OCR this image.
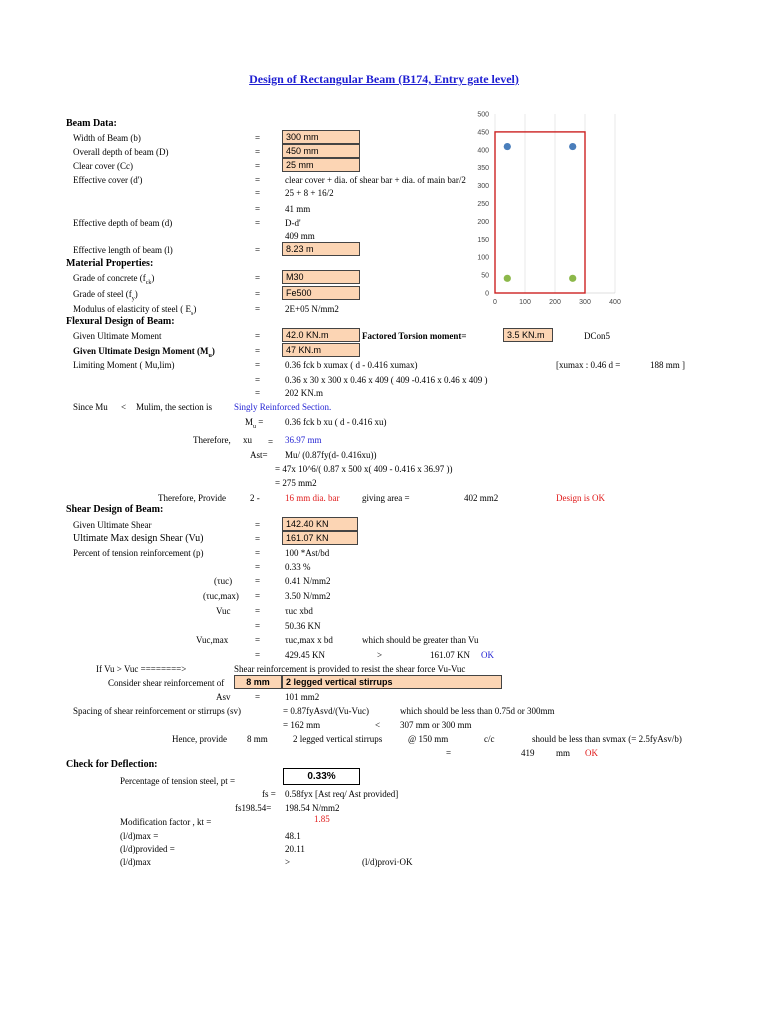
Design of Rectangular Beam (B174, Entry gate level)
Beam Data:
Width of Beam (b)	=	300 mm
Overall depth of beam (D)	=	450 mm
Clear cover (Cc)	=	25 mm
Effective cover (d')	=	clear cover + dia. of shear bar + dia. of main bar/2
=	25 + 8 + 16/2
=	41 mm
Effective depth of beam (d)	=	D-d'
409 mm
Effective length of beam (l)	=	8.23 m
Material Properties:
Grade of concrete $(f_{ck})$	=	M30
Grade of steel $(f_y)$	=	Fe500
Modulus of elasticity of steel ( $E_s$)	=	2E+05 N/mm2
Flexural Design of Beam:
Given Ultimate Moment	=	42.0 KN.m	Factored Torsion moment=	3.5 KN.m	DCon5
Given Ultimate Design Moment $(M_u)$	=	47 KN.m
Limiting Moment ( Mu,lim)	=	0.36 fck b xumax ( d - 0.416 xumax)	[xumax : 0.46 d =	188 mm ]
=	0.36 x 30 x 300 x 0.46 x 409 ( 409 -0.416 x 0.46 x 409 )
=	202 KN.m
Since Mu < Mulim, the section is Singly Reinforced Section.
$M_u = 0.36$ fck b xu ( d - 0.416 xu)
Therefore, xu = 36.97 mm
Ast= Mu/ (0.87fy(d- 0.416xu))
= 47x 10^6/( 0.87 x 500 x( 409 - 0.416 x 36.97 ))
= 275 mm2
Therefore, Provide	2 -	16 mm dia. bar	giving area =	402 mm2	Design is OK
Shear Design of Beam:
Given Ultimate Shear	=	142.40 KN
Ultimate Max design Shear (Vu)	=	161.07 KN
Percent of tension reinforcement (p)	=	100 *Ast/bd
=	0.33 %
(τuc)	=	0.41 N/mm2
(τuc,max) =	3.50 N/mm2
Vuc	=	τuc xbd
=	50.36 KN
Vuc,max	=	τuc,max x bd	which should be greater than Vu
=	429.45 KN	>	161.07 KN OK
If Vu > Vuc ========>	Shear reinforcement is provided to resist the shear force Vu-Vuc
Consider shear reinforcement of	8 mm	2 legged vertical stirrups
Asv	=	101 mm2
Spacing of shear reinforcement or stirrups (sv)	= 0.87fyAsvd/(Vu-Vuc)	which should be less than 0.75d or 300mm
= 162 mm	< 307 mm or 300 mm
Hence, provide 8 mm	2 legged vertical stirrups	@ 150 mm	c/c	should be less than svmax (= 2.5fyAsv/b)
=	419 mm OK
Check for Deflection:
Percentage of tension steel, pt =	0.33%
fs = 0.58fyx [Ast req/ Ast provided]
fs198.54= 198.54 N/mm2
Modification factor , kt =	1.85
(l/d)max =	48.1
(l/d)provided =	20.11
(l/d)max	>	(l/d)provi·OK
0	100	200	300	400
0
50
100
150
200
250
300
350
400
450
500
